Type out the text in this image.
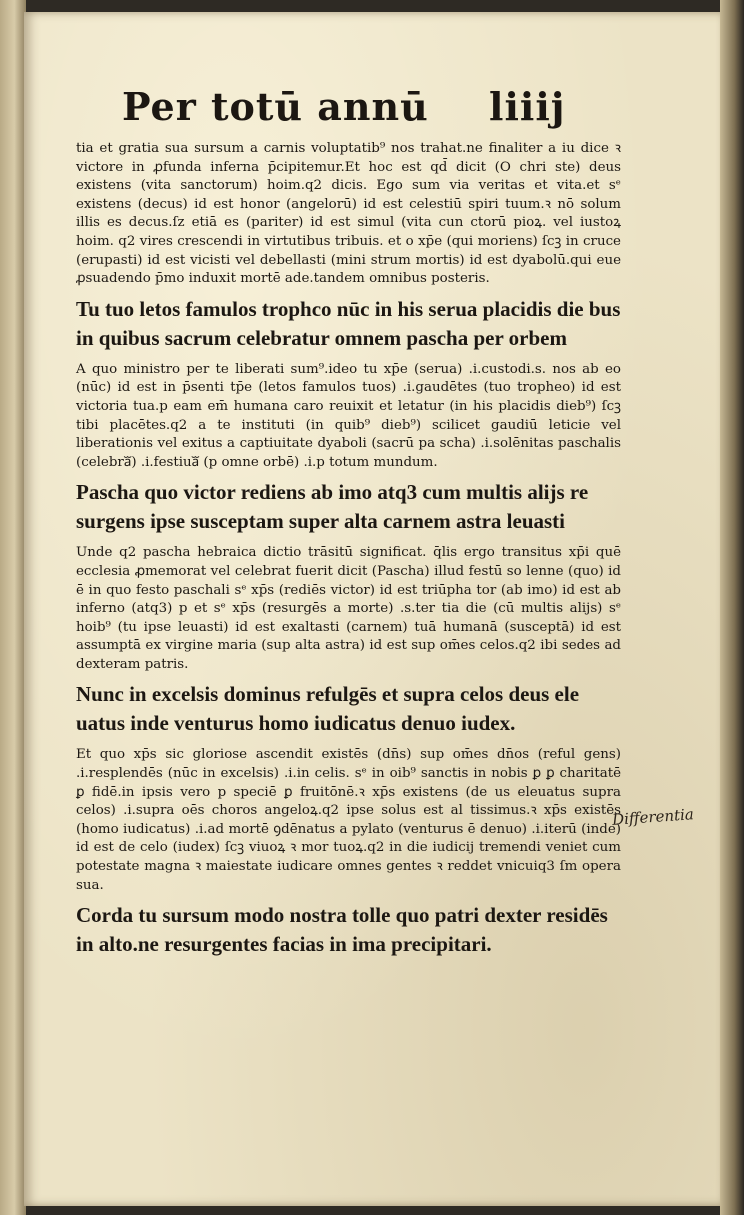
Per totū annū liiij

tia et gratia sua sursum a carnis voluptatib⁹ nos trahat.ne finaliter a iu dice ꝛ victore in ꝓfunda inferna p̄cipitemur.Et hoc est qd̄ dicit (O chri ste) deus existens (vita sanctorum) hoim.q2 dicis. Ego sum via veritas et vita.et sᵉ existens (decus) id est honor (angelorū) id est celestiū spiri tuum.ꝛ nō solum illis es decus.ſz etiā es (pariter) id est simul (vita cun ctorū pioꝝ. vel iustoꝝ hoim. q2 vires crescendi in virtutibus tribuis. et o xp̄e (qui moriens) ſcꝫ in cruce (erupasti) id est vicisti vel debellasti (mini strum mortis) id est dyabolū.qui eue ꝓsuadendo p̄mo induxit mortē ade.tandem omnibus posteris.

Tu tuo letos famulos trophco nūc in his serua placidis die bus in quibus sacrum celebratur omnem pascha per orbem

A quo ministro per te liberati sum⁹.ideo tu xp̄e (serua) .i.custodi.s. nos ab eo (nūc) id est in p̄senti tp̄e (letos famulos tuos) .i.gaudētes (tuo tropheo) id est victoria tua.p eam em̄ humana caro reuixit et letatur (in his placidis dieb⁹) ſcꝫ tibi placētes.q2 a te instituti (in quib⁹ dieb⁹) scilicet gaudiū leticie vel liberationis vel exitus a captiuitate dyaboli (sacrū pa scha) .i.solēnitas paschalis (celebraᷓ) .i.festiuaᷓ (p omne orbē) .i.p totum mundum.

Pascha quo victor rediens ab imo atq3 cum multis alijs re surgens ipse susceptam super alta carnem astra leuasti

Unde q2 pascha hebraica dictio trāsitū significat. q̄lis ergo transitus xp̄i quē ecclesia ꝓmemorat vel celebrat fuerit dicit (Pascha) illud festū so lenne (quo) id ē in quo festo paschali sᵉ xp̄s (rediēs victor) id est triūpha tor (ab imo) id est ab inferno (atq3) p et sᵉ xp̄s (resurgēs a morte) .s.ter tia die (cū multis alijs) sᵉ hoib⁹ (tu ipse leuasti) id est exaltasti (carnem) tuā humanā (susceptā) id est assumptā ex virgine maria (sup alta astra) id est sup om̄es celos.q2 ibi sedes ad dexteram patris.

Nunc in excelsis dominus refulgēs et supra celos deus ele uatus inde venturus homo iudicatus denuo iudex.

Et quo xp̄s sic gloriose ascendit existēs (dn̄s) sup om̄es dn̄os (reful gens) .i.resplendēs (nūc in excelsis) .i.in celis. sᵉ in oib⁹ sanctis in nobis ꝑ ꝑ charitatē ꝑ fidē.in ipsis vero p speciē ꝑ fruitōnē.ꝛ xp̄s existens (de us eleuatus supra celos) .i.supra oēs choros angeloꝝ.q2 ipse solus est al tissimus.ꝛ xp̄s existēs (homo iudicatus) .i.ad mortē ꝯdēnatus a pylato (venturus ē denuo) .i.iterū (inde) id est de celo (iudex) ſcꝫ viuoꝝ ꝛ mor tuoꝝ.q2 in die iudicij tremendi veniet cum potestate magna ꝛ maiestate iudicare omnes gentes ꝛ reddet vnicuiq3 ſm opera sua.

Corda tu sursum modo nostra tolle quo patri dexter residēs in alto.ne resurgentes facias in ima precipitari.

Differentia
